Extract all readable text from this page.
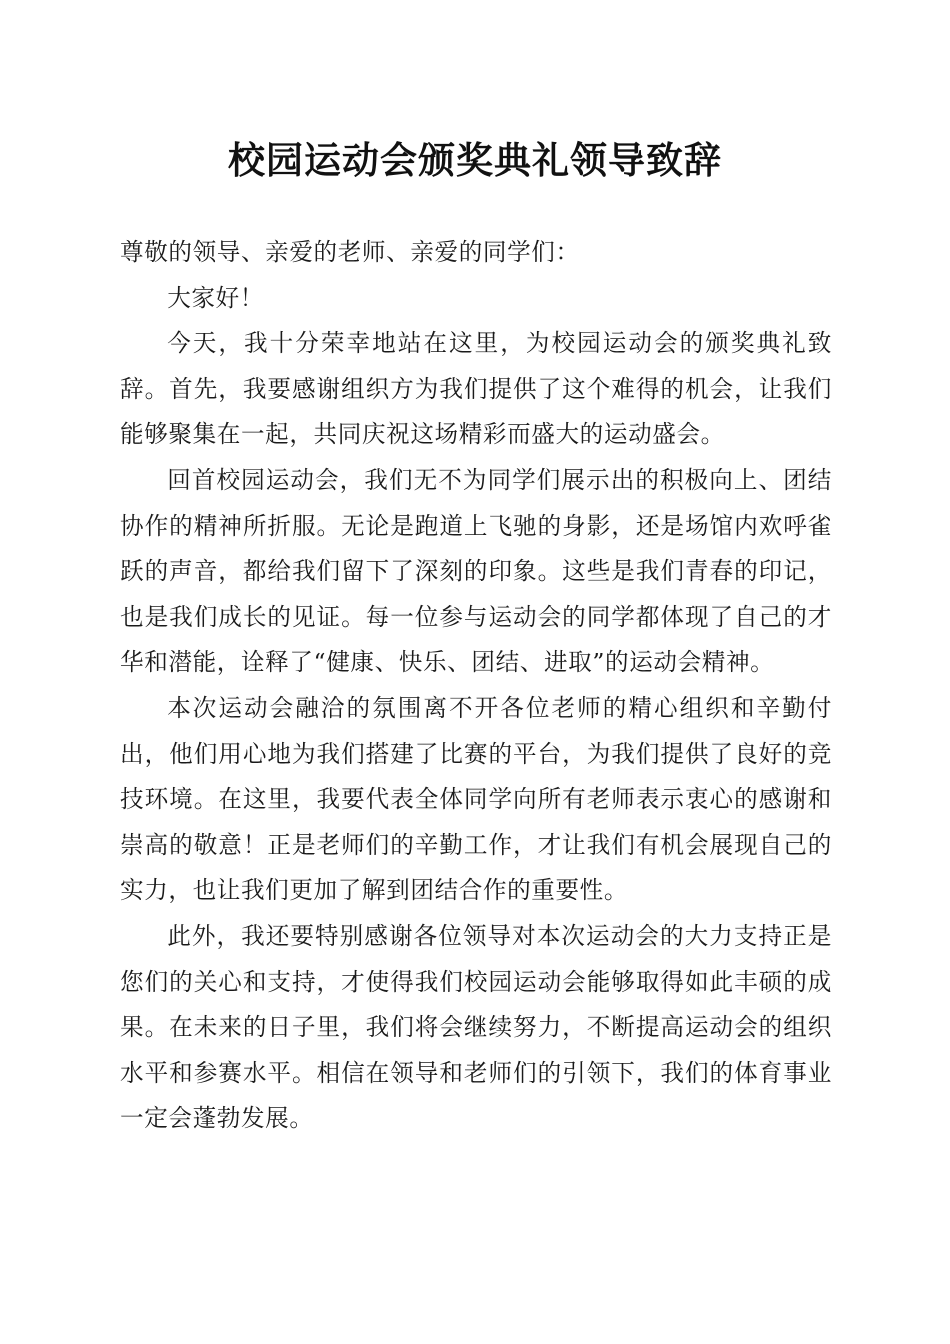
校园运动会颁奖典礼领导致辞

尊敬的领导、亲爱的老师、亲爱的同学们：

大家好！

今天，我十分荣幸地站在这里，为校园运动会的颁奖典礼致辞。首先，我要感谢组织方为我们提供了这个难得的机会，让我们能够聚集在一起，共同庆祝这场精彩而盛大的运动盛会。

回首校园运动会，我们无不为同学们展示出的积极向上、团结协作的精神所折服。无论是跑道上飞驰的身影，还是场馆内欢呼雀跃的声音，都给我们留下了深刻的印象。这些是我们青春的印记，也是我们成长的见证。每一位参与运动会的同学都体现了自己的才华和潜能，诠释了“健康、快乐、团结、进取”的运动会精神。

本次运动会融洽的氛围离不开各位老师的精心组织和辛勤付出，他们用心地为我们搭建了比赛的平台，为我们提供了良好的竞技环境。在这里，我要代表全体同学向所有老师表示衷心的感谢和崇高的敬意！正是老师们的辛勤工作，才让我们有机会展现自己的实力，也让我们更加了解到团结合作的重要性。

此外，我还要特别感谢各位领导对本次运动会的大力支持正是您们的关心和支持，才使得我们校园运动会能够取得如此丰硕的成果。在未来的日子里，我们将会继续努力，不断提高运动会的组织水平和参赛水平。相信在领导和老师们的引领下，我们的体育事业一定会蓬勃发展。
